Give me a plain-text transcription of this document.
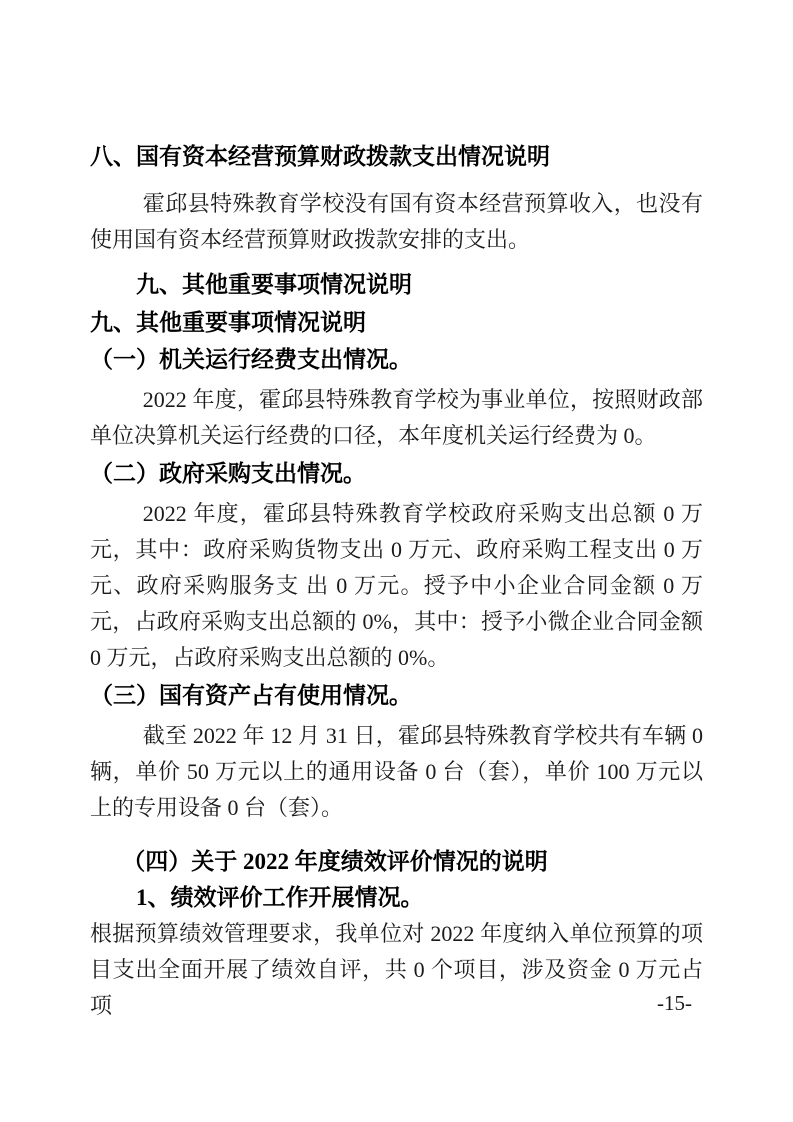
八、国有资本经营预算财政拨款支出情况说明

霍邱县特殊教育学校没有国有资本经营预算收入，也没有使用国有资本经营预算财政拨款安排的支出。

九、其他重要事项情况说明
九、其他重要事项情况说明
（一）机关运行经费支出情况。

2022 年度，霍邱县特殊教育学校为事业单位，按照财政部单位决算机关运行经费的口径，本年度机关运行经费为 0。

（二）政府采购支出情况。

2022 年度，霍邱县特殊教育学校政府采购支出总额 0 万元，其中：政府采购货物支出 0 万元、政府采购工程支出 0 万元、政府采购服务支 出 0 万元。授予中小企业合同金额 0 万元，占政府采购支出总额的 0%，其中：授予小微企业合同金额 0 万元，占政府采购支出总额的 0%。

（三）国有资产占有使用情况。

截至 2022 年 12 月 31 日，霍邱县特殊教育学校共有车辆 0 辆，单价 50 万元以上的通用设备 0 台（套），单价 100 万元以上的专用设备 0 台（套）。

（四）关于 2022 年度绩效评价情况的说明
1、绩效评价工作开展情况。

根据预算绩效管理要求，我单位对 2022 年度纳入单位预算的项目支出全面开展了绩效自评，共 0 个项目，涉及资金 0 万元占项	-15-
